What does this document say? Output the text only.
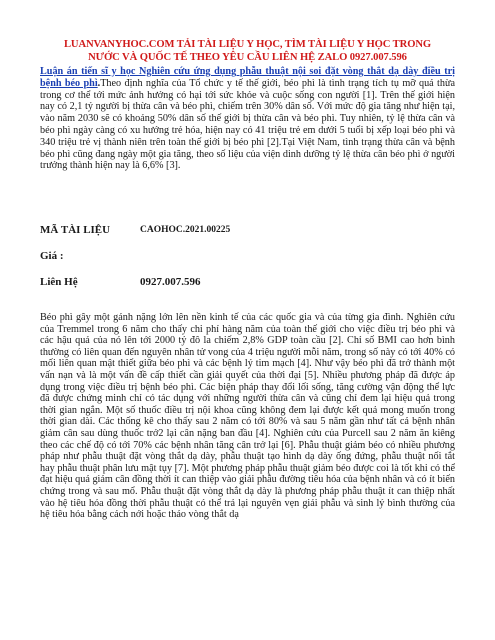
LUANVANYHOC.COM TẢI TÀI LIỆU Y HỌC, TÌM TÀI LIỆU Y HỌC TRONG
NƯỚC VÀ QUỐC TẾ THEO YÊU CẦU LIÊN HỆ ZALO 0927.007.596
Luận án tiến sĩ y học Nghiên cứu ứng dụng phẫu thuật nội soi đặt vòng thắt dạ dày điều trị bệnh béo phì.Theo định nghĩa của Tổ chức y tế thế giới, béo phì là tình trạng tích tụ mỡ quá thừa trong cơ thể tới mức ảnh hưởng có hại tới sức khỏe và cuộc sống con người [1]. Trên thế giới hiện nay có 2,1 tỷ người bị thừa cân và béo phì, chiếm trên 30% dân số. Với mức độ gia tăng như hiện tại, vào năm 2030 sẽ có khoảng 50% dân số thế giới bị thừa cân và béo phì. Tuy nhiên, tỷ lệ thừa cân và béo phì ngày càng có xu hướng trẻ hóa, hiện nay có 41 triệu trẻ em dưới 5 tuổi bị xếp loại béo phì và 340 triệu trẻ vị thành niên trên toàn thế giới bị béo phì [2].Tại Việt Nam, tình trạng thừa cân và bệnh béo phì cũng đang ngày một gia tăng, theo số liệu của viện dinh dưỡng tỷ lệ thừa cân béo phì ở người trưởng thành hiện nay là 6,6% [3].
MÃ TÀI LIỆU	CAOHOC.2021.00225
Giá :
Liên Hệ	0927.007.596
Béo phì gây một gánh nặng lớn lên nền kinh tế của các quốc gia và của từng gia đình. Nghiên cứu của Tremmel trong 6 năm cho thấy chi phí hàng năm của toàn thế giới cho việc điều trị béo phì và các hậu quả của nó lên tới 2000 tỷ đô la chiếm 2,8% GDP toàn cầu [2]. Chỉ số BMI cao hơn bình thường có liên quan đến nguyên nhân tử vong của 4 triệu người mỗi năm, trong số này có tới 40% có mối liên quan mật thiết giữa béo phì và các bệnh lý tim mạch [4]. Như vậy béo phì đã trở thành một vấn nạn và là một vấn đề cấp thiết cần giải quyết của thời đại [5]. Nhiều phương pháp đã được áp dụng trong việc điều trị bệnh béo phì. Các biện pháp thay đổi lối sống, tăng cường vận động thể lực đã được chứng minh chỉ có tác dụng với những người thừa cân và cũng chỉ đem lại hiệu quả trong thời gian ngắn. Một số thuốc điều trị nội khoa cũng không đem lại được kết quả mong muốn trong thời gian dài. Các thống kê cho thấy sau 2 năm có tới 80% và sau 5 năm gần như tất cả bệnh nhân giảm cân sau dùng thuốc trở2 lại cân nặng ban đầu [4]. Nghiên cứu của Purcell sau 2 năm ăn kiêng theo các chế độ có tới 70% các bệnh nhân tăng cân trở lại [6]. Phẫu thuật giảm béo có nhiều phương pháp như phẫu thuật đặt vòng thắt dạ dày, phẫu thuật tạo hình dạ dày ống đứng, phẫu thuật nối tắt hay phẫu thuật phân lưu mật tụy [7]. Một phương pháp phẫu thuật giảm béo được coi là tốt khi có thể đạt hiệu quả giảm cân đồng thời ít can thiệp vào giải phẫu đường tiêu hóa của bệnh nhân và có ít biến chứng trong và sau mổ. Phẫu thuật đặt vòng thắt dạ dày là phương pháp phẫu thuật ít can thiệp nhất vào hệ tiêu hóa đồng thời phẫu thuật có thể trả lại nguyên vẹn giải phẫu và sinh lý bình thường của hệ tiêu hóa bằng cách nới hoặc tháo vòng thắt dạ
